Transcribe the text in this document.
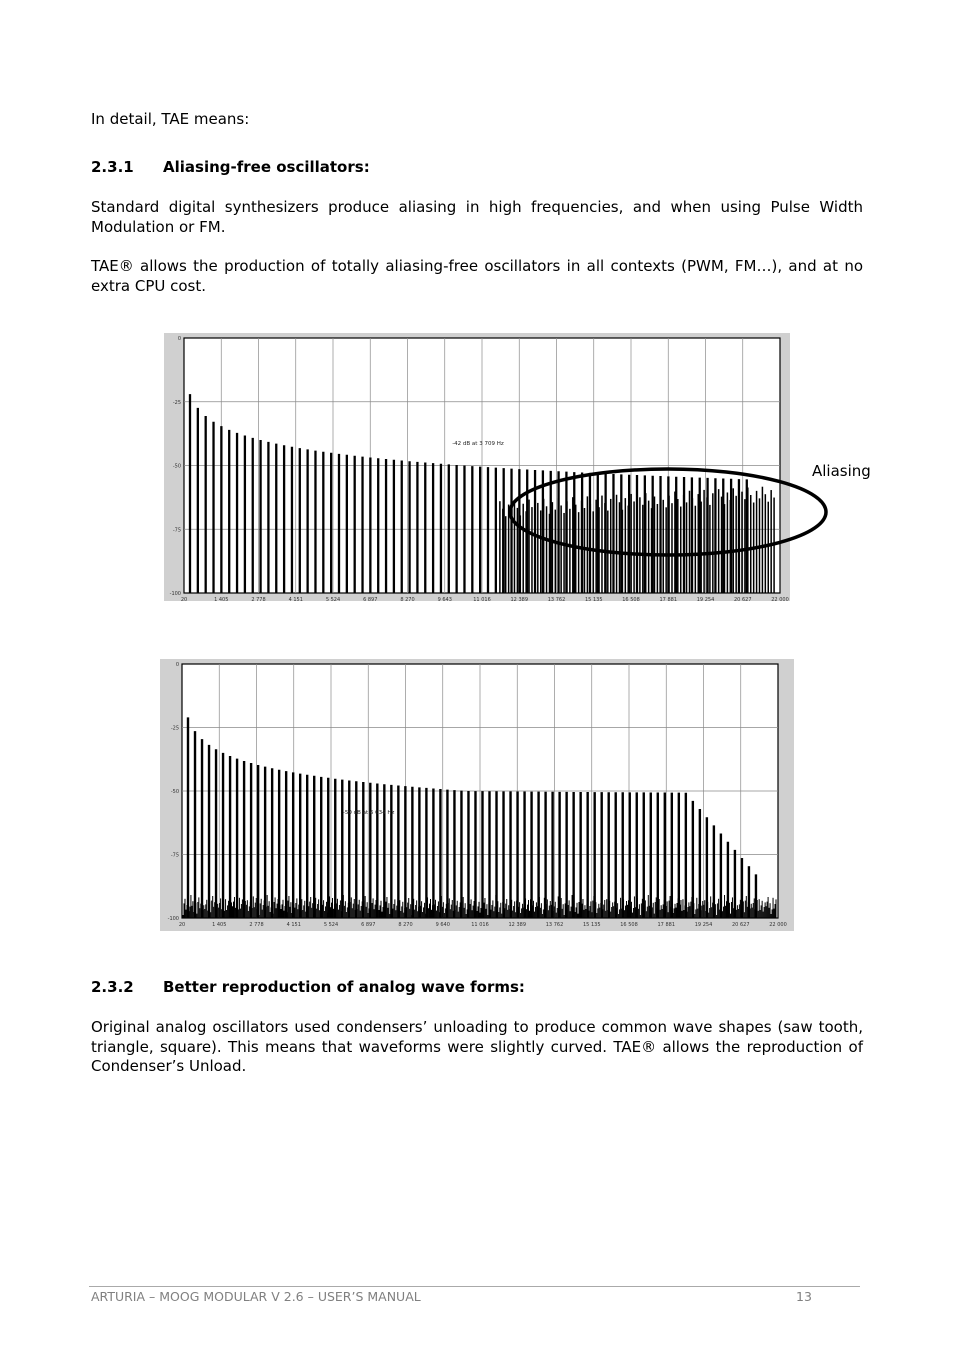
In detail, TAE means:

2.3.1 Aliasing-free oscillators:

Standard digital synthesizers produce aliasing in high frequencies, and when using Pulse Width Modulation or FM.

TAE® allows the production of totally aliasing-free oscillators in all contexts (PWM, FM…), and at no extra CPU cost.

0
-25
-50
-75
-100
20	1 405	2 778	4 151	5 524	6 897	8 270	9 643	11 016	12 389	13 762	15 135	16 508	17 881	19 254	20 627	22 000
-42 dB at 3 709 Hz
Aliasing
0
-25
-50
-75
-100
20	1 405	2 778	4 151	5 524	6 897	8 270	9 640	11 016	12 389	13 762	15 135	16 508	17 881	19 254	20 627	22 000
-50 dB at 6 034 Hz
2.3.2 Better reproduction of analog wave forms:

Original analog oscillators used condensers’ unloading to produce common wave shapes (saw tooth, triangle, square). This means that waveforms were slightly curved. TAE® allows the reproduction of Condenser’s Unload.

ARTURIA – MOOG MODULAR V 2.6 – USER’S MANUAL	13
